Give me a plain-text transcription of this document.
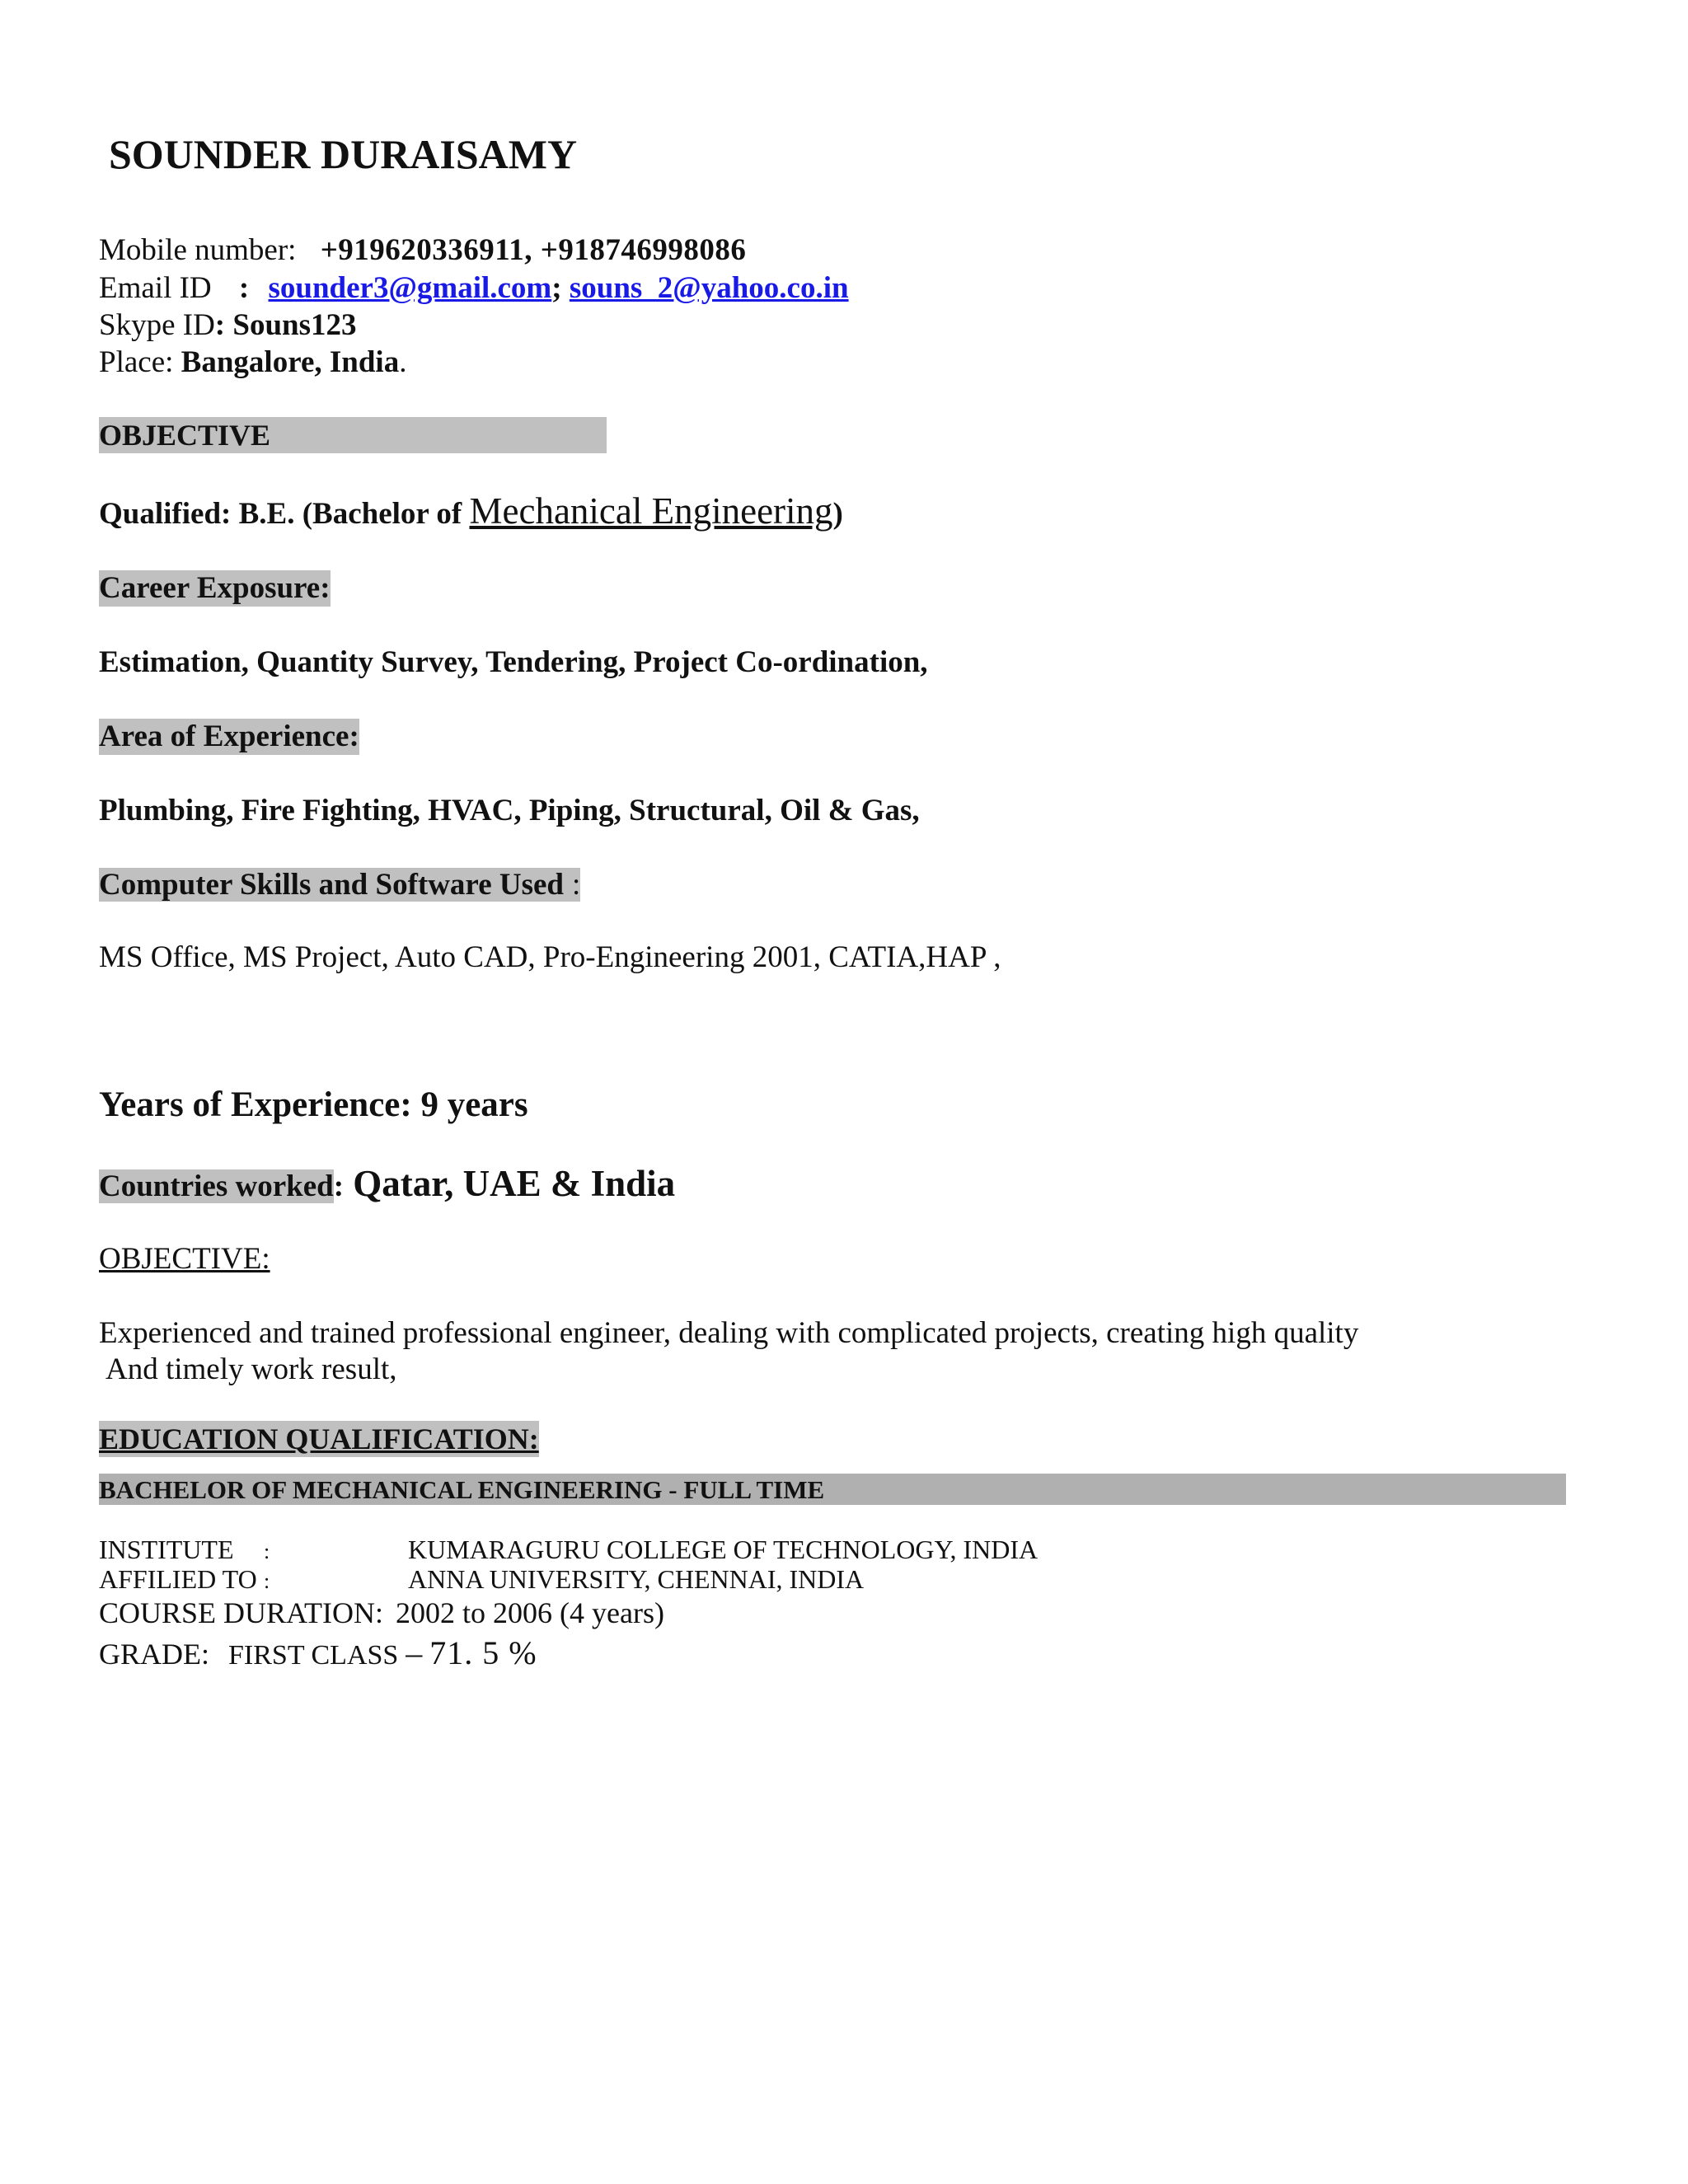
SOUNDER DURAISAMY
Mobile number: +919620336911, +918746998086
Email ID : sounder3@gmail.com; souns_2@yahoo.co.in
Skype ID: Souns123
Place: Bangalore, India.
OBJECTIVE
Qualified: B.E. (Bachelor of Mechanical Engineering)
Career Exposure:
Estimation, Quantity Survey, Tendering, Project Co-ordination,
Area of Experience:
Plumbing, Fire Fighting, HVAC, Piping, Structural, Oil & Gas,
Computer Skills and Software Used :
MS Office, MS Project, Auto CAD, Pro-Engineering 2001, CATIA,HAP ,
Years of Experience: 9 years
Countries worked: Qatar, UAE & India
OBJECTIVE:
Experienced and trained professional engineer, dealing with complicated projects, creating high quality
And timely work result,
EDUCATION QUALIFICATION:
BACHELOR OF MECHANICAL ENGINEERING - FULL TIME
INSTITUTE :	KUMARAGURU COLLEGE OF TECHNOLOGY, INDIA
AFFILIED TO :	ANNA UNIVERSITY, CHENNAI, INDIA
COURSE DURATION: 2002 to 2006 (4 years)
GRADE: FIRST CLASS – 71. 5 %
